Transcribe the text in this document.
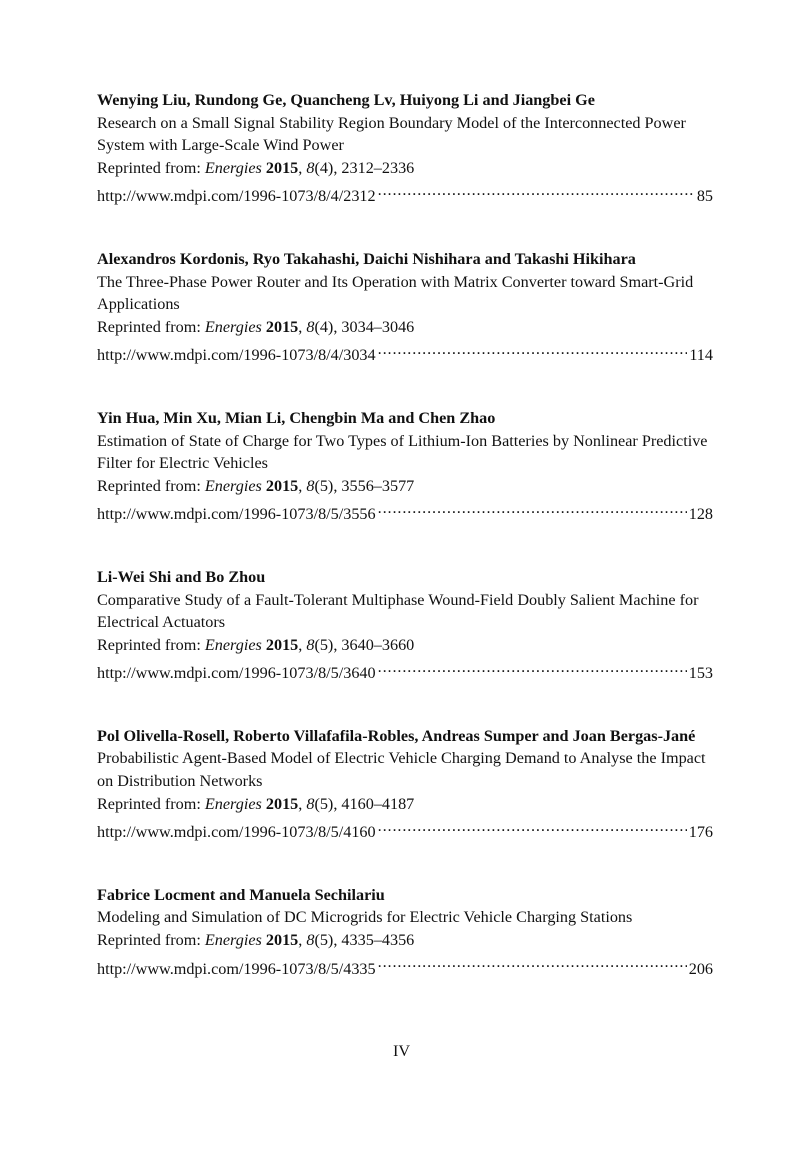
Wenying Liu, Rundong Ge, Quancheng Lv, Huiyong Li and Jiangbei Ge
Research on a Small Signal Stability Region Boundary Model of the Interconnected Power System with Large-Scale Wind Power
Reprinted from: Energies 2015, 8(4), 2312–2336
http://www.mdpi.com/1996-1073/8/4/2312 .....	85
Alexandros Kordonis, Ryo Takahashi, Daichi Nishihara and Takashi Hikihara
The Three-Phase Power Router and Its Operation with Matrix Converter toward Smart-Grid Applications
Reprinted from: Energies 2015, 8(4), 3034–3046
http://www.mdpi.com/1996-1073/8/4/3034 .....	114
Yin Hua, Min Xu, Mian Li, Chengbin Ma and Chen Zhao
Estimation of State of Charge for Two Types of Lithium-Ion Batteries by Nonlinear Predictive Filter for Electric Vehicles
Reprinted from: Energies 2015, 8(5), 3556–3577
http://www.mdpi.com/1996-1073/8/5/3556 .....	128
Li-Wei Shi and Bo Zhou
Comparative Study of a Fault-Tolerant Multiphase Wound-Field Doubly Salient Machine for Electrical Actuators
Reprinted from: Energies 2015, 8(5), 3640–3660
http://www.mdpi.com/1996-1073/8/5/3640 .....	153
Pol Olivella-Rosell, Roberto Villafafila-Robles, Andreas Sumper and Joan Bergas-Jané
Probabilistic Agent-Based Model of Electric Vehicle Charging Demand to Analyse the Impact on Distribution Networks
Reprinted from: Energies 2015, 8(5), 4160–4187
http://www.mdpi.com/1996-1073/8/5/4160 .....	176
Fabrice Locment and Manuela Sechilariu
Modeling and Simulation of DC Microgrids for Electric Vehicle Charging Stations
Reprinted from: Energies 2015, 8(5), 4335–4356
http://www.mdpi.com/1996-1073/8/5/4335 .....	206
IV
